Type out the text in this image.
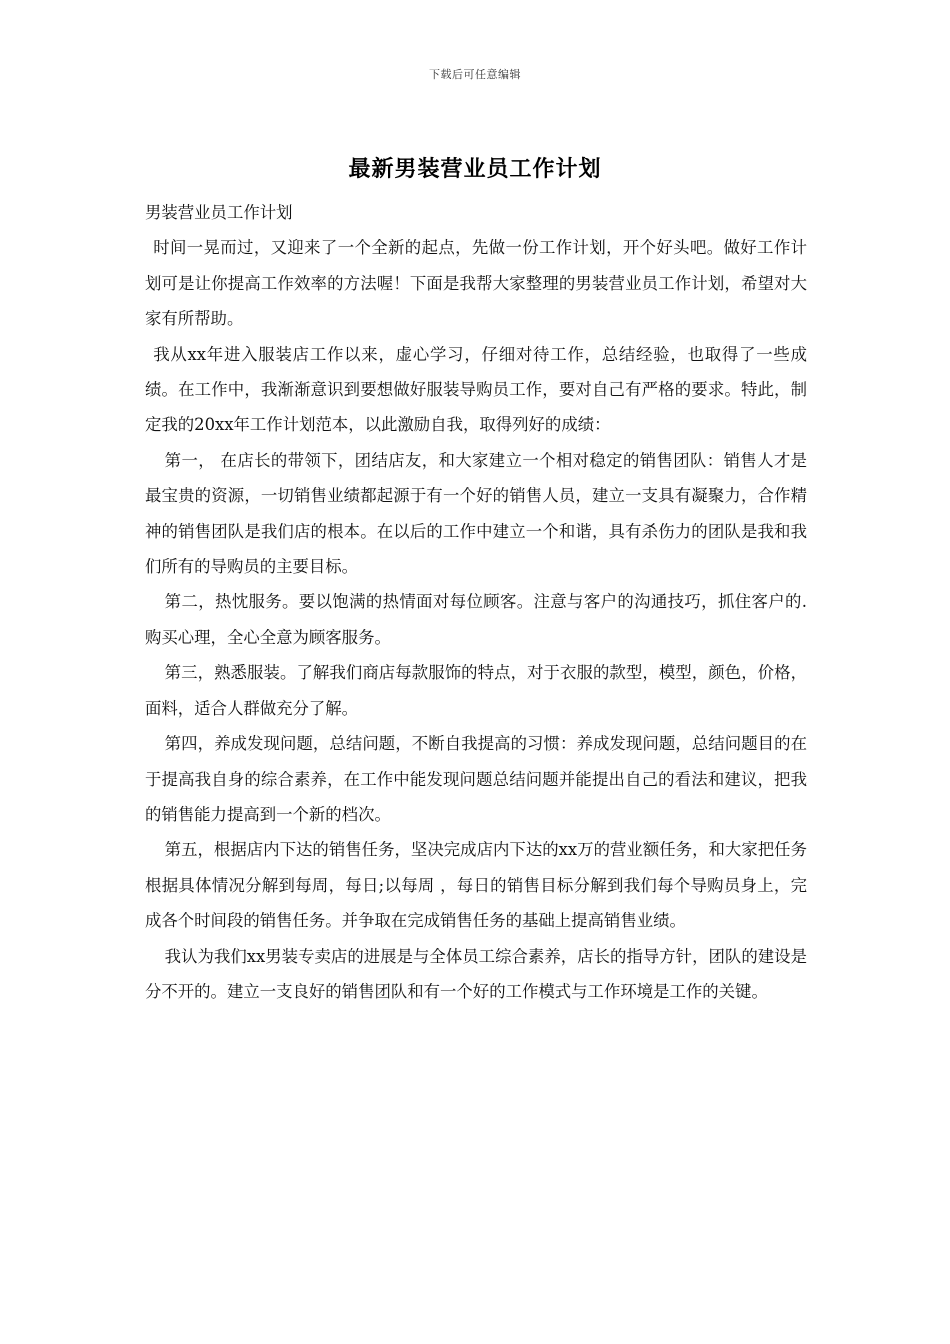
下载后可任意编辑
最新男装营业员工作计划

男装营业员工作计划

时间一晃而过，又迎来了一个全新的起点，先做一份工作计划，开个好头吧。做好工作计划可是让你提高工作效率的方法喔！下面是我帮大家整理的男装营业员工作计划，希望对大家有所帮助。

我从xx年进入服装店工作以来，虚心学习，仔细对待工作，总结经验，也取得了一些成绩。在工作中，我渐渐意识到要想做好服装导购员工作，要对自己有严格的要求。特此，制定我的20xx年工作计划范本，以此激励自我，取得列好的成绩：

第一， 在店长的带领下，团结店友，和大家建立一个相对稳定的销售团队：销售人才是最宝贵的资源，一切销售业绩都起源于有一个好的销售人员，建立一支具有凝聚力，合作精神的销售团队是我们店的根本。在以后的工作中建立一个和谐，具有杀伤力的团队是我和我们所有的导购员的主要目标。

第二，热忱服务。要以饱满的热情面对每位顾客。注意与客户的沟通技巧，抓住客户的.购买心理，全心全意为顾客服务。

第三，熟悉服装。了解我们商店每款服饰的特点，对于衣服的款型，模型，颜色，价格，面料，适合人群做充分了解。

第四，养成发现问题，总结问题，不断自我提高的习惯：养成发现问题，总结问题目的在于提高我自身的综合素养，在工作中能发现问题总结问题并能提出自己的看法和建议，把我的销售能力提高到一个新的档次。

第五，根据店内下达的销售任务，坚决完成店内下达的xx万的营业额任务，和大家把任务根据具体情况分解到每周，每日;以每周 ，每日的销售目标分解到我们每个导购员身上，完成各个时间段的销售任务。并争取在完成销售任务的基础上提高销售业绩。

我认为我们xx男装专卖店的进展是与全体员工综合素养，店长的指导方针，团队的建设是分不开的。建立一支良好的销售团队和有一个好的工作模式与工作环境是工作的关键。
